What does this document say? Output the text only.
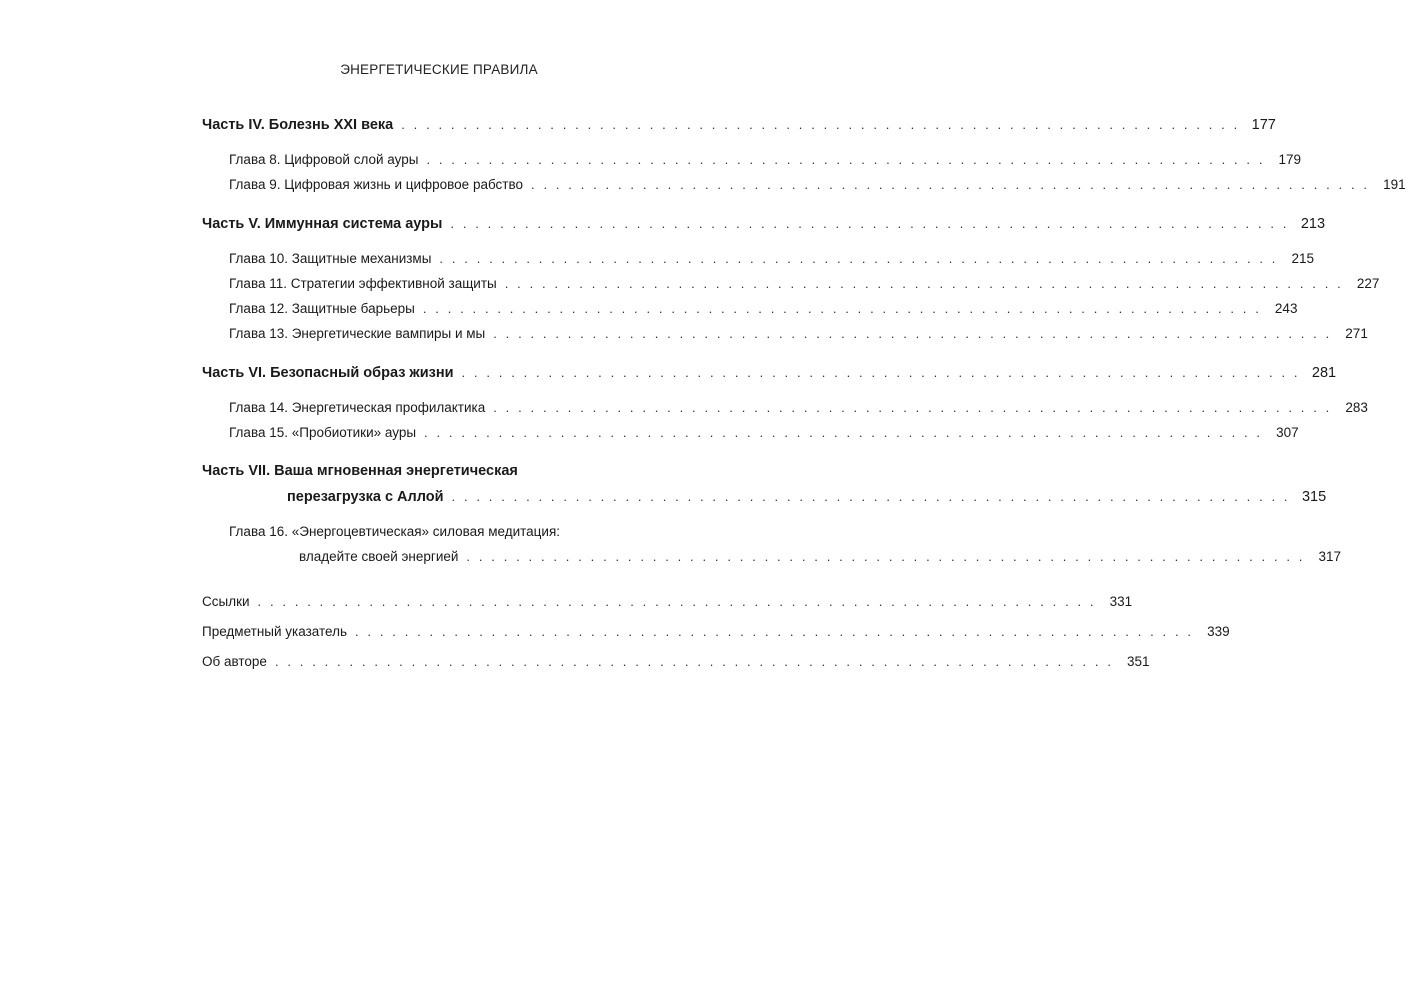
ЭНЕРГЕТИЧЕСКИЕ ПРАВИЛА
Часть IV. Болезнь XXI века . . . . . . . . . . . . . . . . . . . . . . . . . . . . . . . . . . . . . . . . . . . . . . . . . . . . . . . . . . . . . . . . . . . . 177
Глава 8. Цифровой слой ауры . . . . . . . . . . . . . . . . . . . . . . . . . . . . . . . . . . . . . . . . . . . . . . . . . . . . . . . . . . . . . . . . . . . . 179
Глава 9. Цифровая жизнь и цифровое рабство . . . . . . . . . . . . . . . . . . . . . . . . . . . . . . . . . . . . . . . . . . . . . . . . . . . . . . . . . . . . . . . . . . . . 191
Часть V. Иммунная система ауры . . . . . . . . . . . . . . . . . . . . . . . . . . . . . . . . . . . . . . . . . . . . . . . . . . . . . . . . . . . . . . . . . . . . 213
Глава 10. Защитные механизмы . . . . . . . . . . . . . . . . . . . . . . . . . . . . . . . . . . . . . . . . . . . . . . . . . . . . . . . . . . . . . . . . . . . . 215
Глава 11. Стратегии эффективной защиты . . . . . . . . . . . . . . . . . . . . . . . . . . . . . . . . . . . . . . . . . . . . . . . . . . . . . . . . . . . . . . . . . . . . 227
Глава 12. Защитные барьеры . . . . . . . . . . . . . . . . . . . . . . . . . . . . . . . . . . . . . . . . . . . . . . . . . . . . . . . . . . . . . . . . . . . . 243
Глава 13. Энергетические вампиры и мы . . . . . . . . . . . . . . . . . . . . . . . . . . . . . . . . . . . . . . . . . . . . . . . . . . . . . . . . . . . . . . . . . . . . 271
Часть VI. Безопасный образ жизни . . . . . . . . . . . . . . . . . . . . . . . . . . . . . . . . . . . . . . . . . . . . . . . . . . . . . . . . . . . . . . . . . . . . 281
Глава 14. Энергетическая профилактика . . . . . . . . . . . . . . . . . . . . . . . . . . . . . . . . . . . . . . . . . . . . . . . . . . . . . . . . . . . . . . . . . . . . 283
Глава 15. «Пробиотики» ауры . . . . . . . . . . . . . . . . . . . . . . . . . . . . . . . . . . . . . . . . . . . . . . . . . . . . . . . . . . . . . . . . . . . . 307
Часть VII. Ваша мгновенная энергетическая
перезагрузка с Аллой . . . . . . . . . . . . . . . . . . . . . . . . . . . . . . . . . . . . . . . . . . . . . . . . . . . . . . . . . . . . . . . . . . . . 315
Глава 16. «Энергоцевтическая» силовая медитация:
владейте своей энергией . . . . . . . . . . . . . . . . . . . . . . . . . . . . . . . . . . . . . . . . . . . . . . . . . . . . . . . . . . . . . . . . . . . . 317
Ссылки . . . . . . . . . . . . . . . . . . . . . . . . . . . . . . . . . . . . . . . . . . . . . . . . . . . . . . . . . . . . . . . . . . . . 331
Предметный указатель . . . . . . . . . . . . . . . . . . . . . . . . . . . . . . . . . . . . . . . . . . . . . . . . . . . . . . . . . . . . . . . . . . . . 339
Об авторе . . . . . . . . . . . . . . . . . . . . . . . . . . . . . . . . . . . . . . . . . . . . . . . . . . . . . . . . . . . . . . . . . . . . 351
